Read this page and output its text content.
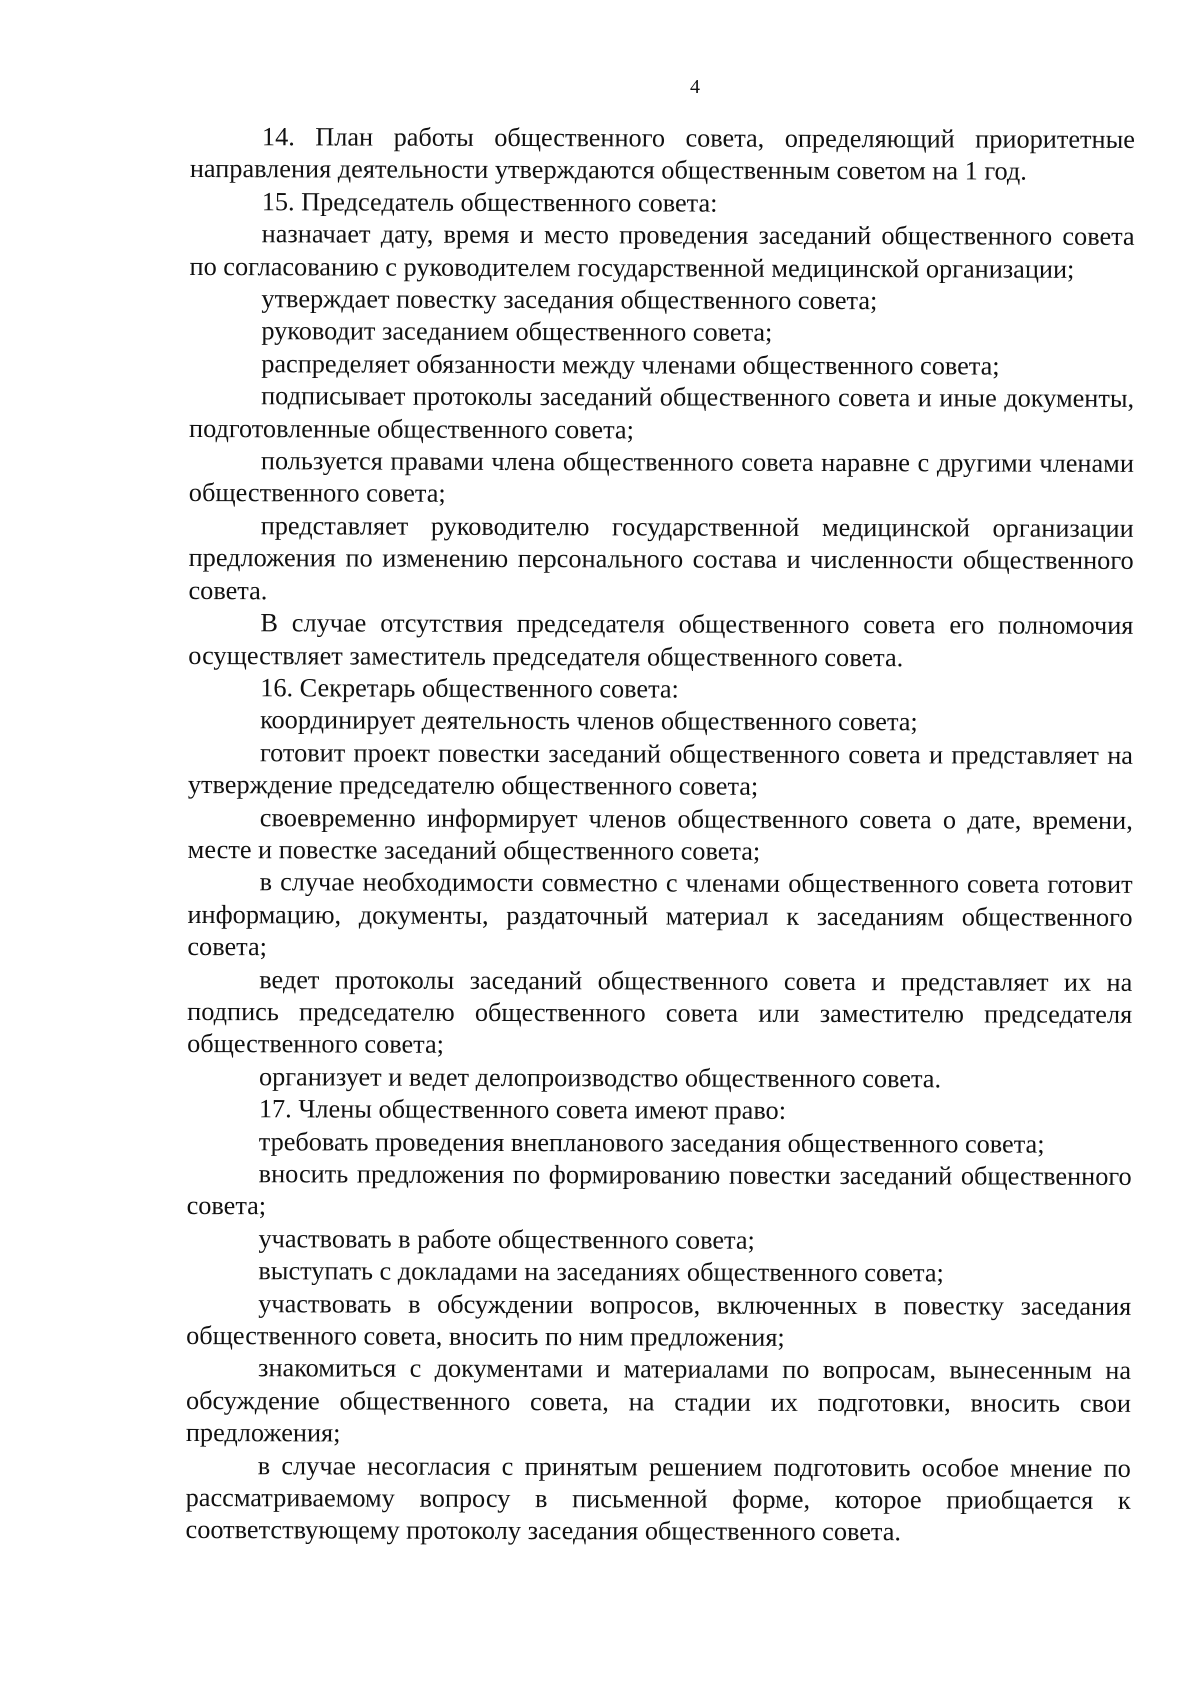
4

14. План работы общественного совета, определяющий приоритетные направления деятельности утверждаются общественным советом на 1 год.

15. Председатель общественного совета:

назначает дату, время и место проведения заседаний общественного совета по согласованию с руководителем государственной медицинской организации;

утверждает повестку заседания общественного совета;

руководит заседанием общественного совета;

распределяет обязанности между членами общественного совета;

подписывает протоколы заседаний общественного совета и иные документы, подготовленные общественного совета;

пользуется правами члена общественного совета наравне с другими членами общественного совета;

представляет руководителю государственной медицинской организации предложения по изменению персонального состава и численности общественного совета.

В случае отсутствия председателя общественного совета его полномочия осуществляет заместитель председателя общественного совета.

16. Секретарь общественного совета:

координирует деятельность членов общественного совета;

готовит проект повестки заседаний общественного совета и представляет на утверждение председателю общественного совета;

своевременно информирует членов общественного совета о дате, времени, месте и повестке заседаний общественного совета;

в случае необходимости совместно с членами общественного совета готовит информацию, документы, раздаточный материал к заседаниям общественного совета;

ведет протоколы заседаний общественного совета и представляет их на подпись председателю общественного совета или заместителю председателя общественного совета;

организует и ведет делопроизводство общественного совета.

17. Члены общественного совета имеют право:

требовать проведения внепланового заседания общественного совета;

вносить предложения по формированию повестки заседаний общественного совета;

участвовать в работе общественного совета;

выступать с докладами на заседаниях общественного совета;

участвовать в обсуждении вопросов, включенных в повестку заседания общественного совета, вносить по ним предложения;

знакомиться с документами и материалами по вопросам, вынесенным на обсуждение общественного совета, на стадии их подготовки, вносить свои предложения;

в случае несогласия с принятым решением подготовить особое мнение по рассматриваемому вопросу в письменной форме, которое приобщается к соответствующему протоколу заседания общественного совета.
